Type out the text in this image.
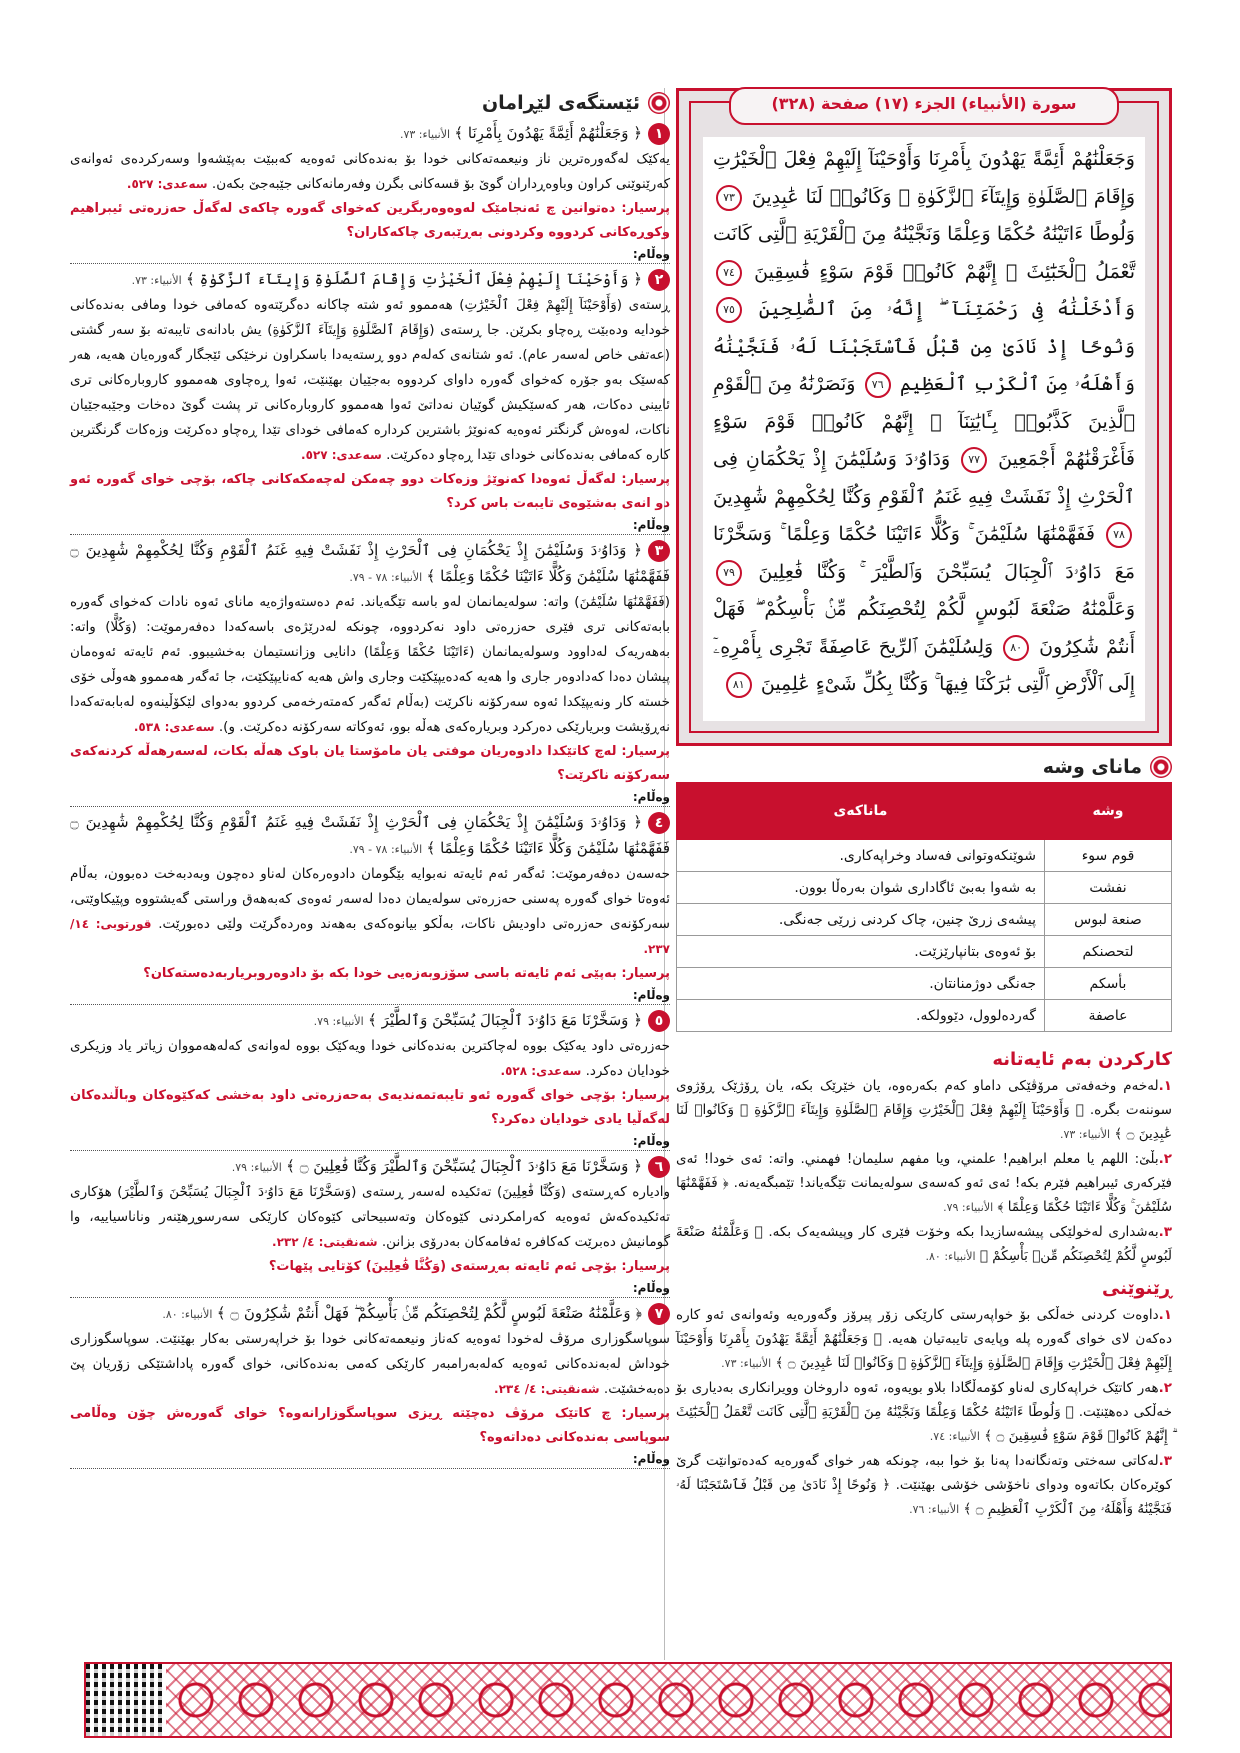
ئێستگەی لێڕامان

١﴿ وَجَعَلْنَٰهُمْ أَئِمَّةً يَهْدُونَ بِأَمْرِنَا ﴾ الأنبياء: ٧٣.

یەکێک لەگەورەترین ناز ونیعمەتەکانی خودا بۆ بەندەکانی ئەوەیە کەببێت بەپێشەوا وسەرکردەی ئەوانەی کەرێنوێنی کراون وباوەڕداران گوێ بۆ قسەکانی بگرن وفەرمانەکانی جێبەجێ بکەن. سەعدی: ٥٢٧.

پرسیار: دەتوانین چ ئەنجامێک لەوەوەربگرین کەخوای گەورە چاکەی لەگەڵ حەزرەتی ئیبراهیم وکوڕەکانی کردووە وکردونی بەڕێبەری چاکەکاران؟

وەڵام:

٢﴿ وَأَوْحَيْنَآ إِلَيْهِمْ فِعْلَ ٱلْخَيْرَٰتِ وَإِقَامَ ٱلصَّلَوٰةِ وَإِيتَآءَ ٱلزَّكَوٰةِ ﴾ الأنبياء: ٧٣.

ڕستەی (وَأَوْحَيْنَآ إِلَيْهِمْ فِعْلَ ٱلْخَيْرَٰتِ) هەمموو ئەو شتە چاکانە دەگرێتەوە کەمافی خودا ومافی بەندەکانی خودایە ودەبێت ڕەچاو بکرێن. جا ڕستەی (وَإِقَامَ ٱلصَّلَوٰةِ وَإِيتَآءَ ٱلزَّكَوٰةِ) یش بادانەی تایبەتە بۆ سەر گشتی (عەتفی خاص لەسەر عام). ئەو شتانەی کەلەم دوو ڕستەیەدا باسکراون نرخێکی ئێجگار گەورەیان هەیە، هەر کەسێک بەو جۆرە کەخوای گەورە داوای کردووە بەجێیان بهێنێت، ئەوا ڕەچاوی هەمموو کاروبارەکانی تری ئایینی دەکات، هەر کەسێکیش گوێیان نەداتێ ئەوا هەمموو کاروبارەکانی تر پشت گوێ دەخات وجێبەجێیان ناکات، لەوەش گرنگتر ئەوەیە کەنوێژ باشترین کردارە کەمافی خودای تێدا ڕەچاو دەکرێت وزەکات گرنگترین کارە کەمافی بەندەکانی خودای تێدا ڕەچاو دەکرێت. سەعدی: ٥٢٧.

پرسیار: لەگەڵ ئەوەدا کەنوێژ وزەکات دوو چەمکن لەچەمکەکانی چاکە، بۆچی خوای گەورە ئەو دو انەی بەشێوەی تایبەت باس کرد؟

وەڵام:

٣﴿ وَدَاوُۥدَ وَسُلَيْمَٰنَ إِذْ يَحْكُمَانِ فِى ٱلْحَرْثِ إِذْ نَفَشَتْ فِيهِ غَنَمُ ٱلْقَوْمِ وَكُنَّا لِحُكْمِهِمْ شَٰهِدِينَ ۝ فَفَهَّمْنَٰهَا سُلَيْمَٰنَ وَكُلًّا ءَاتَيْنَا حُكْمًا وَعِلْمًا ﴾ الأنبياء: ٧٨ - ٧٩.

(فَفَهَّمْنَٰهَا سُلَيْمَٰنَ) واتە: سولەیمانمان لەو باسە تێگەیاند. ئەم دەستەواژەیە مانای ئەوە نادات کەخوای گەورە بابەتەکانی تری فێری حەزرەتی داود نەکردووە، چونکە لەدرێژەی باسەکەدا دەفەرموێت: (وَكُلًّا) واتە: بەهەریەک لەداوود وسولەیمانمان (ءَاتَيْنَا حُكْمًا وَعِلْمًا) دانایی وزانستیمان بەخشیبوو. ئەم ئایەتە ئەوەمان پیشان دەدا کەدادوەر جاری وا هەیە کەدەیپێکێت وجاری واش هەیە کەنایپێکێت، جا ئەگەر هەمموو هەوڵی خۆی خستە کار ونەیپێکدا ئەوە سەرکۆنە ناکرێت (بەڵام ئەگەر کەمتەرخەمی کردوو بەدوای لێکۆڵینەوە لەبابەتەکەدا نەڕۆیشت وبریارێکی دەرکرد وبریارەکەی هەڵە بوو، ئەوکاتە سەرکۆنە دەکرێت. و). سەعدی: ٥٣٨.

پرسیار: لەچ کاتێکدا دادوەریان موفتی یان مامۆستا یان باوک هەڵە بکات، لەسەرهەڵە کردنەکەی سەرکۆنە ناکرێت؟

وەڵام:

٤﴿ وَدَاوُۥدَ وَسُلَيْمَٰنَ إِذْ يَحْكُمَانِ فِى ٱلْحَرْثِ إِذْ نَفَشَتْ فِيهِ غَنَمُ ٱلْقَوْمِ وَكُنَّا لِحُكْمِهِمْ شَٰهِدِينَ ۝ فَفَهَّمْنَٰهَا سُلَيْمَٰنَ وَكُلًّا ءَاتَيْنَا حُكْمًا وَعِلْمًا ﴾ الأنبياء: ٧٨ - ٧٩.

حەسەن دەفەرموێت: ئەگەر ئەم ئایەتە نەبوایە بێگومان دادوەرەکان لەناو دەچون وبەدبەخت دەبوون، بەڵام ئەوەتا خوای گەورە پەسنی حەزرەتی سولەیمان دەدا لەسەر ئەوەی کەبەهەق وراستی گەیشتووە وپێیکاوێتی، سەرکۆنەی حەزرەتی داودیش ناکات، بەڵکو بیانوەکەی بەهەند وەردەگرێت ولێی دەبورێت. قورتوبی: ١٤/ ٢٣٧.

پرسیار: بەپێی ئەم ئایەتە باسی سۆزوبەزەیی خودا بکە بۆ دادوەروبریاربەدەستەکان؟

وەڵام:

٥﴿ وَسَخَّرْنَا مَعَ دَاوُۥدَ ٱلْجِبَالَ يُسَبِّحْنَ وَٱلطَّيْرَ ﴾ الأنبياء: ٧٩.

حەزرەتی داود یەکێک بووە لەچاکترین بەندەکانی خودا ویەکێک بووە لەوانەی کەلەهەمووان زیاتر یاد وزیکری خودایان دەکرد. سەعدی: ٥٢٨.

پرسیار: بۆچی خوای گەورە ئەو تایبەتمەندیەی بەحەزرەتی داود بەخشی کەکێوەکان وباڵندەکان لەگەڵیا یادی خودایان دەکرد؟

وەڵام:

٦﴿ وَسَخَّرْنَا مَعَ دَاوُۥدَ ٱلْجِبَالَ يُسَبِّحْنَ وَٱلطَّيْرَ وَكُنَّا فَٰعِلِينَ ۝ ﴾ الأنبياء: ٧٩.

وادیارە کەڕستەی (وَكُنَّا فَٰعِلِينَ) تەئکیدە لەسەر ڕستەی (وَسَخَّرْنَا مَعَ دَاوُۥدَ ٱلْجِبَالَ يُسَبِّحْنَ وَٱلطَّيْرَ) هۆکاری تەئکیدەکەش ئەوەیە کەرامکردنی کێوەکان وتەسبیحاتی کێوەکان کارێکی سەرسوڕهێنەر وناناسیاییە، وا گومانیش دەبرێت کەکافرە ئەفامەکان بەدرۆی بزانن. شەنقیتی: ٤/ ٢٣٢.

پرسیار: بۆچی ئەم ئایەتە بەڕستەی (وَكُنَّا فَٰعِلِينَ) کۆتایی پێهات؟

وەڵام:

٧﴿ وَعَلَّمْنَٰهُ صَنْعَةَ لَبُوسٍ لَّكُمْ لِتُحْصِنَكُم مِّنۢ بَأْسِكُمْ ۖ فَهَلْ أَنتُمْ شَٰكِرُونَ ۝ ﴾ الأنبياء: ٨٠.

سوپاسگوزاری مرۆڤ لەخودا ئەوەیە کەناز ونیعمەتەکانی خودا بۆ خراپەرستی بەکار بهێنێت. سوپاسگوزاری خوداش لەبەندەکانی ئەوەیە کەلەبەرامبەر کارێکی کەمی بەندەکانی، خوای گەورە پاداشتێکی زۆریان پێ دەبەخشێت. شەنقیتی: ٤/ ٢٣٤.

پرسیار: چ کاتێک مرۆڤ دەچێتە ڕیزی سوپاسگوزارانەوە؟ خوای گەورەش چۆن وەڵامی سوپاسی بەندەکانی دەداتەوە؟

وەڵام:
سورة (الأنبياء) الجزء (١٧) صفحة (٣٢٨)
وَجَعَلْنَٰهُمْ أَئِمَّةً يَهْدُونَ بِأَمْرِنَا وَأَوْحَيْنَآ إِلَيْهِمْ فِعْلَ ٱلْخَيْرَٰتِ وَإِقَامَ ٱلصَّلَوٰةِ وَإِيتَآءَ ٱلزَّكَوٰةِ ۖ وَكَانُوا۟ لَنَا عَٰبِدِينَ ٧٣ وَلُوطًا ءَاتَيْنَٰهُ حُكْمًا وَعِلْمًا وَنَجَّيْنَٰهُ مِنَ ٱلْقَرْيَةِ ٱلَّتِى كَانَت تَّعْمَلُ ٱلْخَبَٰٓئِثَ ۗ إِنَّهُمْ كَانُوا۟ قَوْمَ سَوْءٍ فَٰسِقِينَ ٧٤ وَأَدْخَلْنَٰهُ فِى رَحْمَتِنَآ ۖ إِنَّهُۥ مِنَ ٱلصَّٰلِحِينَ ٧٥ وَنُوحًا إِذْ نَادَىٰ مِن قَبْلُ فَٱسْتَجَبْنَا لَهُۥ فَنَجَّيْنَٰهُ وَأَهْلَهُۥ مِنَ ٱلْكَرْبِ ٱلْعَظِيمِ ٧٦ وَنَصَرْنَٰهُ مِنَ ٱلْقَوْمِ ٱلَّذِينَ كَذَّبُوا۟ بِـَٔايَٰتِنَآ ۚ إِنَّهُمْ كَانُوا۟ قَوْمَ سَوْءٍ فَأَغْرَقْنَٰهُمْ أَجْمَعِينَ ٧٧ وَدَاوُۥدَ وَسُلَيْمَٰنَ إِذْ يَحْكُمَانِ فِى ٱلْحَرْثِ إِذْ نَفَشَتْ فِيهِ غَنَمُ ٱلْقَوْمِ وَكُنَّا لِحُكْمِهِمْ شَٰهِدِينَ ٧٨ فَفَهَّمْنَٰهَا سُلَيْمَٰنَ ۚ وَكُلًّا ءَاتَيْنَا حُكْمًا وَعِلْمًا ۚ وَسَخَّرْنَا مَعَ دَاوُۥدَ ٱلْجِبَالَ يُسَبِّحْنَ وَٱلطَّيْرَ ۚ وَكُنَّا فَٰعِلِينَ ٧٩ وَعَلَّمْنَٰهُ صَنْعَةَ لَبُوسٍ لَّكُمْ لِتُحْصِنَكُم مِّنۢ بَأْسِكُمْ ۖ فَهَلْ أَنتُمْ شَٰكِرُونَ ٨٠ وَلِسُلَيْمَٰنَ ٱلرِّيحَ عَاصِفَةً تَجْرِى بِأَمْرِهِۦٓ إِلَى ٱلْأَرْضِ ٱلَّتِى بَٰرَكْنَا فِيهَا ۚ وَكُنَّا بِكُلِّ شَىْءٍ عَٰلِمِينَ ٨١
مانای وشە
وشە	ماناکەی
قوم سوء	شوێنکەوتوانی فەساد وخراپەکاری.
نفشت	بە شەوا بەبێ ئاگاداری شوان بەرەڵا بوون.
صنعة لبوس	پیشەی زرێ چنین، چاک کردنی زرێی جەنگی.
لتحصنكم	بۆ ئەوەی بتانپارێزێت.
بأسكم	جەنگی دوژمنانتان.
عاصفة	گەردەلوول، دێوولکە.
کارکردن بەم ئایەتانە

١.لەخەم وخەفەتی مرۆڤێکی داماو کەم بکەرەوە، یان خێرێک بکە، یان ڕۆژێک ڕۆژوی سوننەت بگرە. ﴿ وَأَوْحَيْنَآ إِلَيْهِمْ فِعْلَ ٱلْخَيْرَٰتِ وَإِقَامَ ٱلصَّلَوٰةِ وَإِيتَآءَ ٱلزَّكَوٰةِ ۖ وَكَانُوا۟ لَنَا عَٰبِدِينَ ۝ ﴾ الأنبياء: ٧٣.

٢.بڵێ: اللهم يا معلم ابراهيم! علمني، ويا مفهم سليمان! فهمني. واتە: ئەی خودا! ئەی فێرکەری ئیبراهیم فێرم بکە! ئەی ئەو کەسەی سولەیمانت تێگەیاند! تێمبگەیەنە. ﴿ فَفَهَّمْنَٰهَا سُلَيْمَٰنَ ۚ وَكُلًّا ءَاتَيْنَا حُكْمًا وَعِلْمًا ﴾ الأنبياء: ٧٩.

٣.بەشداری لەخولێکی پیشەسازیدا بکە وخۆت فێری کار وپیشەیەک بکە. ﴿ وَعَلَّمْنَٰهُ صَنْعَةَ لَبُوسٍ لَّكُمْ لِتُحْصِنَكُم مِّنۢ بَأْسِكُمْ ﴾ الأنبياء: ٨٠.

ڕێنوێنی

١.داوەت کردنی خەڵکی بۆ خواپەرستی کارێکی زۆر پیرۆز وگەورەیە وئەوانەی ئەو کارە دەکەن لای خوای گەورە پلە وپایەی تایبەتیان هەیە. ﴿ وَجَعَلْنَٰهُمْ أَئِمَّةً يَهْدُونَ بِأَمْرِنَا وَأَوْحَيْنَآ إِلَيْهِمْ فِعْلَ ٱلْخَيْرَٰتِ وَإِقَامَ ٱلصَّلَوٰةِ وَإِيتَآءَ ٱلزَّكَوٰةِ ۖ وَكَانُوا۟ لَنَا عَٰبِدِينَ ۝ ﴾ الأنبياء: ٧٣.

٢.هەر کاتێک خراپەکاری لەناو کۆمەڵگادا بلاو بویەوە، ئەوە داروخان وویرانکاری بەدیاری بۆ خەڵکی دەهێنێت. ﴿ وَلُوطًا ءَاتَيْنَٰهُ حُكْمًا وَعِلْمًا وَنَجَّيْنَٰهُ مِنَ ٱلْقَرْيَةِ ٱلَّتِى كَانَت تَّعْمَلُ ٱلْخَبَٰٓئِثَ ۗ إِنَّهُمْ كَانُوا۟ قَوْمَ سَوْءٍ فَٰسِقِينَ ۝ ﴾ الأنبياء: ٧٤.

٣.لەکاتی سەختی وتەنگانەدا پەنا بۆ خوا ببە، چونکە هەر خوای گەورەیە کەدەتوانێت گرێ کوێرەکان بکاتەوە ودوای ناخۆشی خۆشی بهێنێت. ﴿ وَنُوحًا إِذْ نَادَىٰ مِن قَبْلُ فَٱسْتَجَبْنَا لَهُۥ فَنَجَّيْنَٰهُ وَأَهْلَهُۥ مِنَ ٱلْكَرْبِ ٱلْعَظِيمِ ۝ ﴾ الأنبياء: ٧٦.
